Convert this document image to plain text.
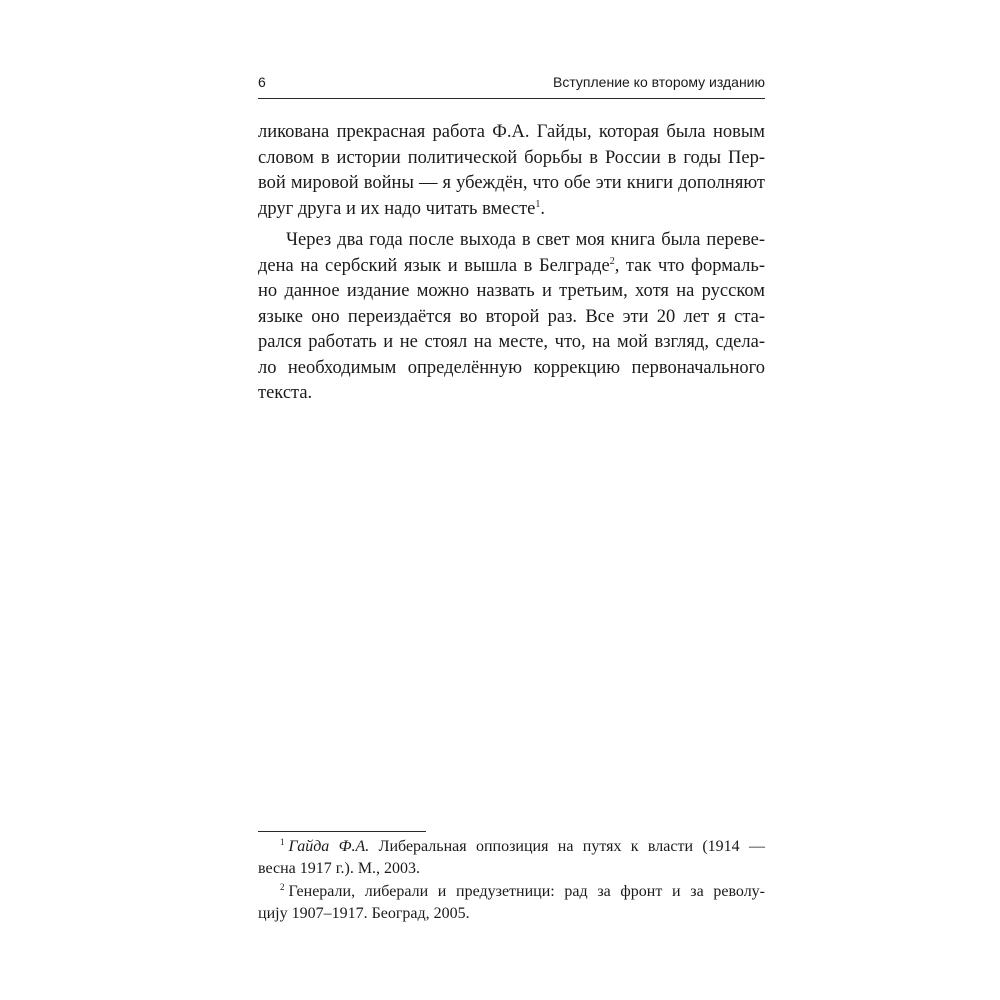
6	Вступление ко второму изданию
ликована прекрасная работа Ф.А. Гайды, которая была новым
словом в истории политической борьбы в России в годы Пер-
вой мировой войны — я убеждён, что обе эти книги дополняют
друг друга и их надо читать вместе$^1$.
Через два года после выхода в свет моя книга была переве-
дена на сербский язык и вышла в Белграде$^2$, так что формаль-
но данное издание можно назвать и третьим, хотя на русском
языке оно переиздаётся во второй раз. Все эти 20 лет я ста-
рался работать и не стоял на месте, что, на мой взгляд, сдела-
ло необходимым определённую коррекцию первоначального
текста.
$^1$ Гайда Ф.А. Либеральная оппозиция на путях к власти (1914 —
весна 1917 г.). М., 2003.
$^2$ Генерали, либерали и предузетници: рад за фронт и за револу-
цију 1907–1917. Београд, 2005.
